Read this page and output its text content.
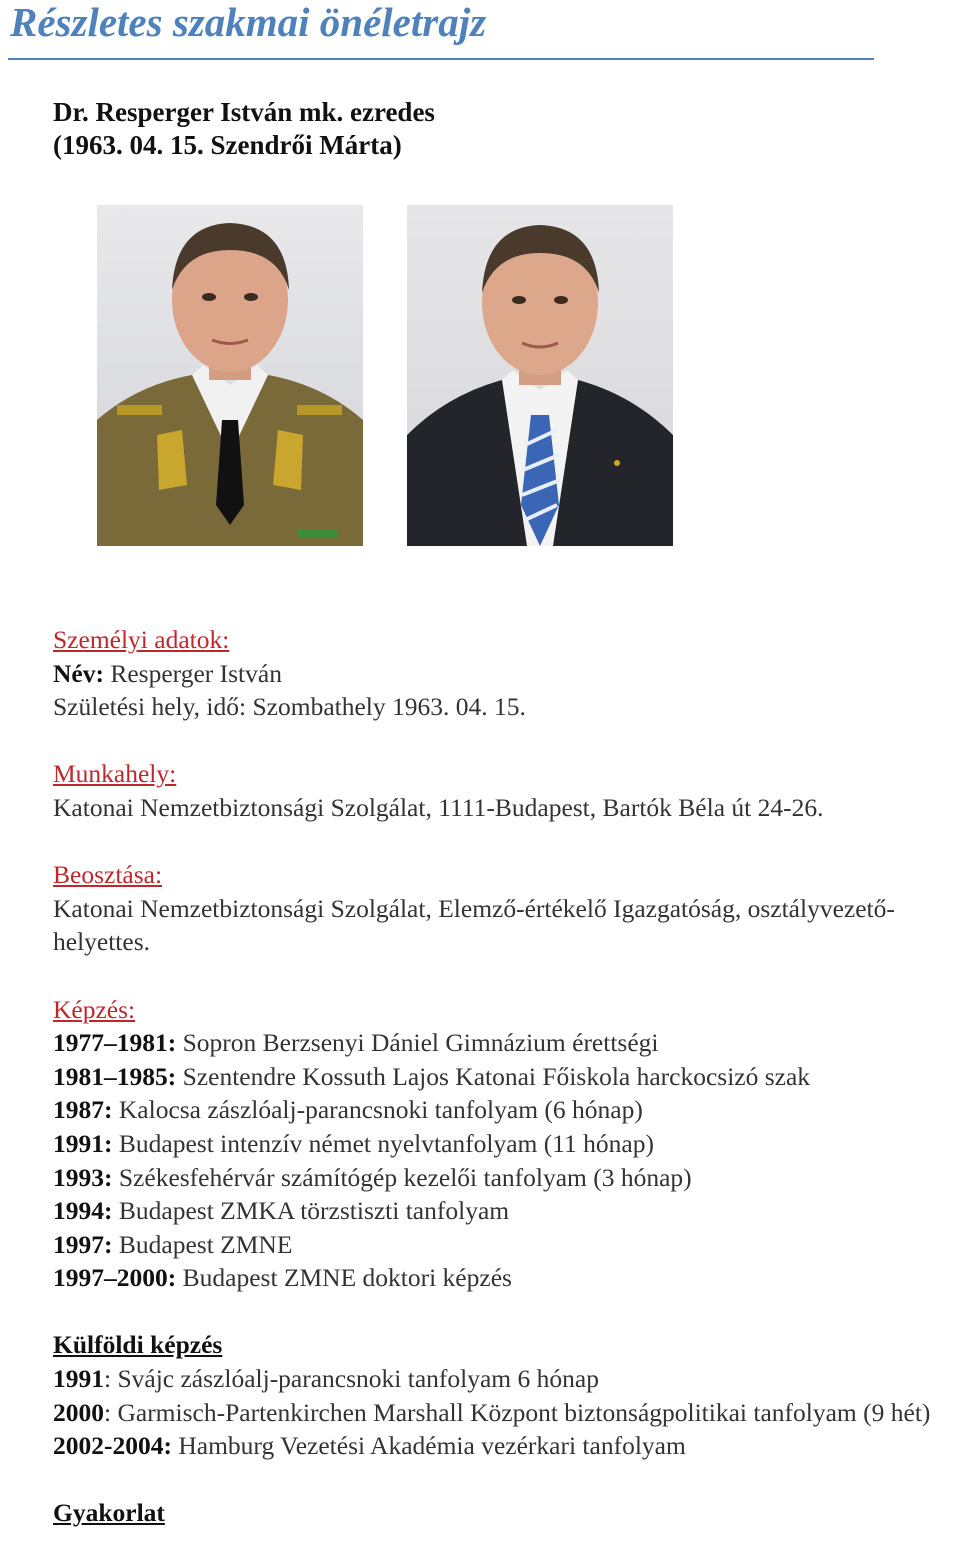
Részletes szakmai önéletrajz
Dr. Resperger István mk. ezredes
(1963. 04. 15. Szendrői Márta)
Személyi adatok:
Név: Resperger István
Születési hely, idő: Szombathely 1963. 04. 15.
Munkahely:
Katonai Nemzetbiztonsági Szolgálat, 1111-Budapest, Bartók Béla út 24-26.
Beosztása:
Katonai Nemzetbiztonsági Szolgálat, Elemző-értékelő Igazgatóság, osztályvezető-helyettes.
Képzés:
1977–1981: Sopron Berzsenyi Dániel Gimnázium érettségi
1981–1985: Szentendre Kossuth Lajos Katonai Főiskola harckocsizó szak
1987: Kalocsa zászlóalj-parancsnoki tanfolyam (6 hónap)
1991: Budapest intenzív német nyelvtanfolyam (11 hónap)
1993: Székesfehérvár számítógép kezelői tanfolyam (3 hónap)
1994: Budapest ZMKA törzstiszti tanfolyam
1997: Budapest ZMNE
1997–2000: Budapest ZMNE doktori képzés
Külföldi képzés
1991: Svájc zászlóalj-parancsnoki tanfolyam 6 hónap
2000: Garmisch-Partenkirchen Marshall Központ biztonságpolitikai tanfolyam (9 hét)
2002-2004: Hamburg Vezetési Akadémia vezérkari tanfolyam
Gyakorlat
